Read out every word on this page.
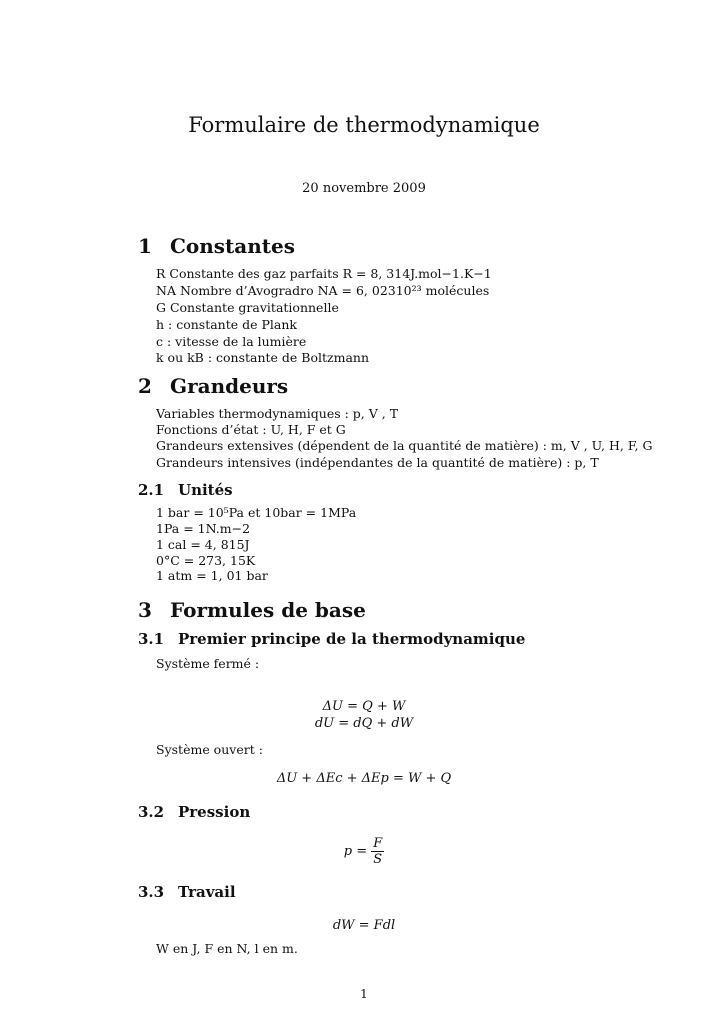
Formulaire de thermodynamique
20 novembre 2009
1 Constantes
R Constante des gaz parfaits R = 8, 314J.mol−1.K−1
NA Nombre d’Avogradro NA = 6, 02310²³ molécules
G Constante gravitationnelle
h : constante de Plank
c : vitesse de la lumière
k ou kB : constante de Boltzmann
2 Grandeurs
Variables thermodynamiques : p, V , T
Fonctions d’état : U, H, F et G
Grandeurs extensives (dépendent de la quantité de matière) : m, V , U, H, F, G
Grandeurs intensives (indépendantes de la quantité de matière) : p, T
2.1 Unités
1 bar = 10⁵Pa et 10bar = 1MPa
1Pa = 1N.m−2
1 cal = 4, 815J
0°C = 273, 15K
1 atm = 1, 01 bar
3 Formules de base
3.1 Premier principe de la thermodynamique
Système fermé :
ΔU = Q + W
dU = dQ + dW
Système ouvert :
ΔU + ΔEc + ΔEp = W + Q
3.2 Pression
$p = \frac{F}{S}$
3.3 Travail
dW = Fdl
W en J, F en N, l en m.
1
